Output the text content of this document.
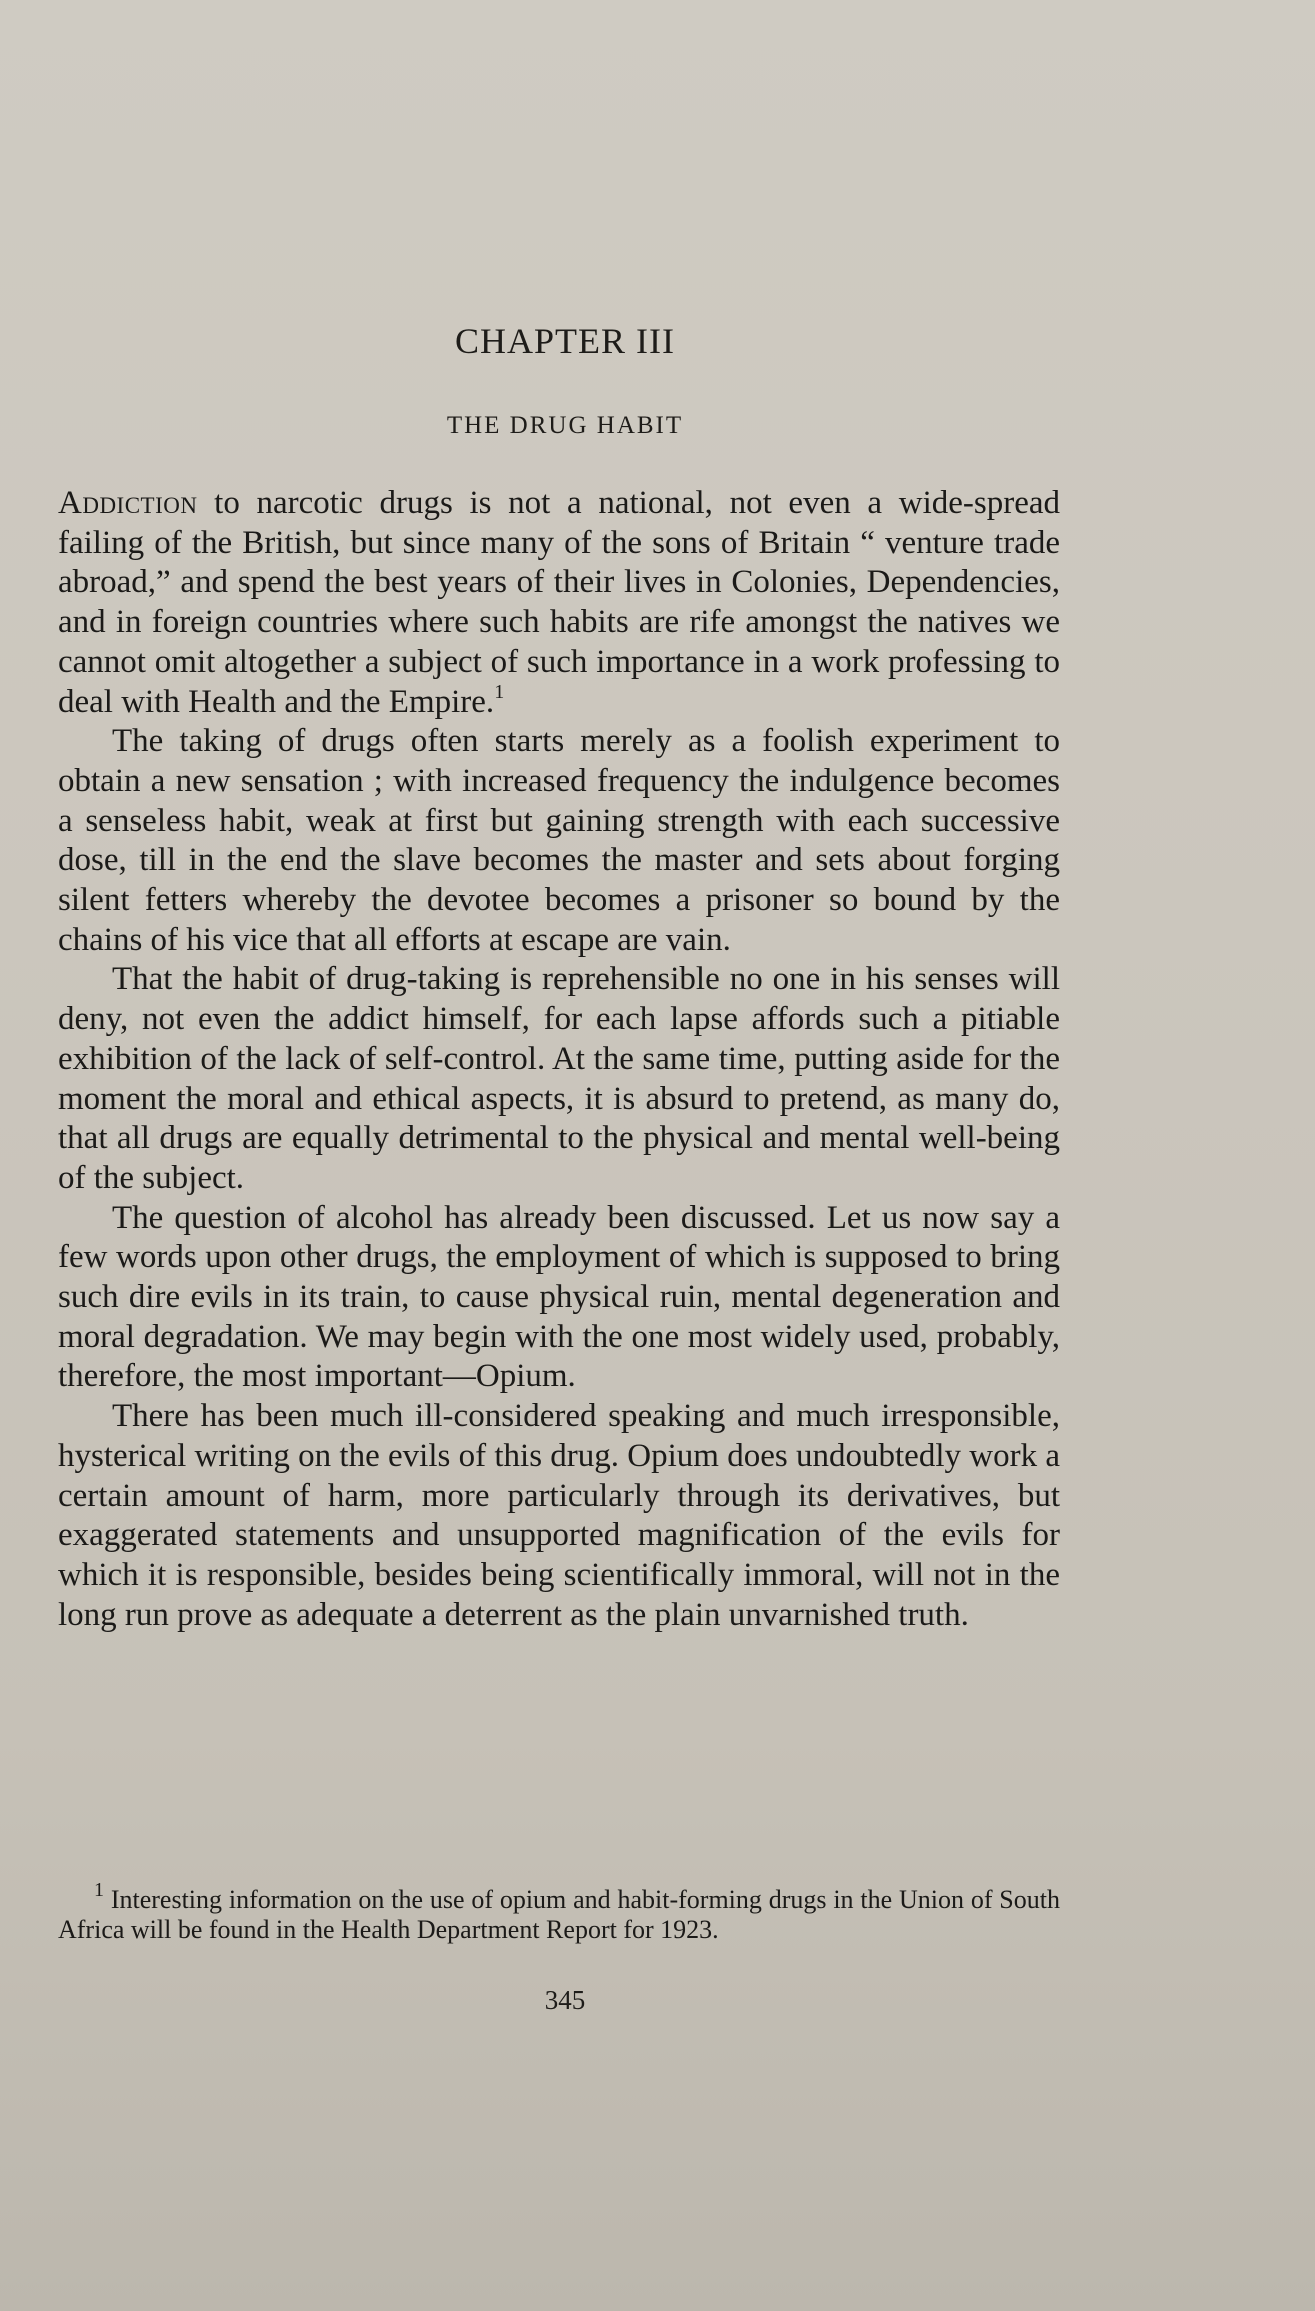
CHAPTER III
THE DRUG HABIT

Addiction to narcotic drugs is not a national, not even a wide-spread failing of the British, but since many of the sons of Britain “ venture trade abroad,” and spend the best years of their lives in Colonies, Dependencies, and in foreign countries where such habits are rife amongst the natives we cannot omit altogether a subject of such importance in a work professing to deal with Health and the Empire.$^1$

The taking of drugs often starts merely as a foolish experiment to obtain a new sensation ; with increased frequency the indulgence becomes a senseless habit, weak at first but gaining strength with each successive dose, till in the end the slave becomes the master and sets about forging silent fetters whereby the devotee becomes a prisoner so bound by the chains of his vice that all efforts at escape are vain.

That the habit of drug-taking is reprehensible no one in his senses will deny, not even the addict himself, for each lapse affords such a pitiable exhibition of the lack of self-control. At the same time, putting aside for the moment the moral and ethical aspects, it is absurd to pretend, as many do, that all drugs are equally detrimental to the physical and mental well-being of the subject.

The question of alcohol has already been discussed. Let us now say a few words upon other drugs, the employment of which is supposed to bring such dire evils in its train, to cause physical ruin, mental degeneration and moral degradation. We may begin with the one most widely used, probably, therefore, the most important—Opium.

There has been much ill-considered speaking and much irresponsible, hysterical writing on the evils of this drug. Opium does undoubtedly work a certain amount of harm, more particularly through its derivatives, but exaggerated statements and unsupported magnification of the evils for which it is responsible, besides being scientifically immoral, will not in the long run prove as adequate a deterrent as the plain unvarnished truth.

$^1$ Interesting information on the use of opium and habit-forming drugs in the Union of South Africa will be found in the Health Department Report for 1923.

345
